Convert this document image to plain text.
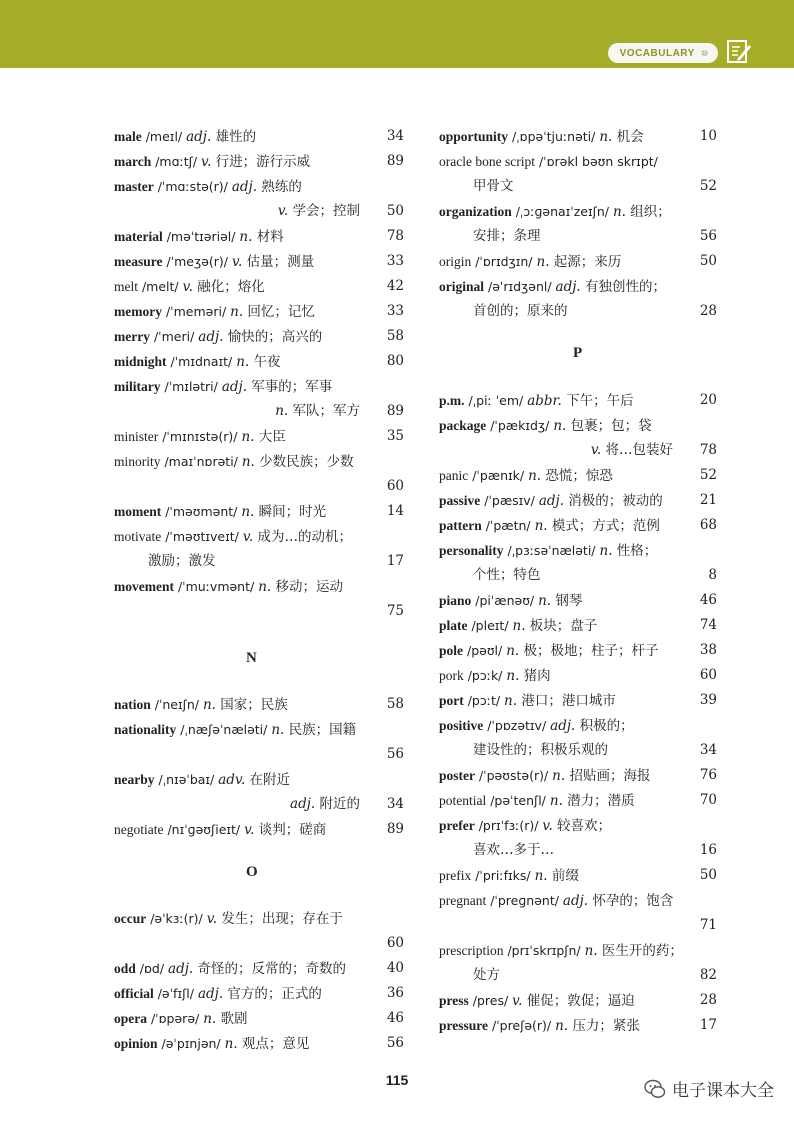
VOCABULARY ⑩
male /meɪl/ adj. 雄性的	34
march /mɑːtʃ/ v. 行进；游行示威	89
master /ˈmɑːstə(r)/ adj. 熟练的
v. 学会；控制 50
material /məˈtɪəriəl/ n. 材料	78
measure /ˈmeʒə(r)/ v. 估量；测量	33
melt /melt/ v. 融化；熔化	42
memory /ˈmeməri/ n. 回忆；记忆	33
merry /ˈmeri/ adj. 愉快的；高兴的	58
midnight /ˈmɪdnaɪt/ n. 午夜	80
military /ˈmɪlətri/ adj. 军事的；军事
n. 军队；军方 89
minister /ˈmɪnɪstə(r)/ n. 大臣	35
minority /maɪˈnɒrəti/ n. 少数民族；少数
60
moment /ˈməʊmənt/ n. 瞬间；时光	14
motivate /ˈməʊtɪveɪt/ v. 成为…的动机；
激励；激发	17
movement /ˈmuːvmənt/ n. 移动；运动
75
N
nation /ˈneɪʃn/ n. 国家；民族	58
nationality /ˌnæʃəˈnæləti/ n. 民族；国籍
56
nearby /ˌnɪəˈbaɪ/ adv. 在附近
adj. 附近的 34
negotiate /nɪˈɡəʊʃieɪt/ v. 谈判；磋商	89
O
occur /əˈkɜː(r)/ v. 发生；出现；存在于
60
odd /ɒd/ adj. 奇怪的；反常的；奇数的	40
official /əˈfɪʃl/ adj. 官方的；正式的	36
opera /ˈɒpərə/ n. 歌剧	46
opinion /əˈpɪnjən/ n. 观点；意见	56
opportunity /ˌɒpəˈtjuːnəti/ n. 机会	10
oracle bone script /ˈɒrəkl bəʊn skrɪpt/
甲骨文	52
organization /ˌɔːɡənaɪˈzeɪʃn/ n. 组织；
安排；条理	56
origin /ˈɒrɪdʒɪn/ n. 起源；来历	50
original /əˈrɪdʒənl/ adj. 有独创性的；
首创的；原来的	28
P
p.m. /ˌpiː ˈem/ abbr. 下午；午后	20
package /ˈpækɪdʒ/ n. 包裹；包；袋
v. 将…包装好 78
panic /ˈpænɪk/ n. 恐慌；惊恐	52
passive /ˈpæsɪv/ adj. 消极的；被动的	21
pattern /ˈpætn/ n. 模式；方式；范例	68
personality /ˌpɜːsəˈnæləti/ n. 性格；
个性；特色	8
piano /piˈænəʊ/ n. 钢琴	46
plate /pleɪt/ n. 板块；盘子	74
pole /pəʊl/ n. 极；极地；柱子；杆子	38
pork /pɔːk/ n. 猪肉	60
port /pɔːt/ n. 港口；港口城市	39
positive /ˈpɒzətɪv/ adj. 积极的；
建设性的；积极乐观的	34
poster /ˈpəʊstə(r)/ n. 招贴画；海报	76
potential /pəˈtenʃl/ n. 潜力；潜质	70
prefer /prɪˈfɜː(r)/ v. 较喜欢；
喜欢…多于…	16
prefix /ˈpriːfɪks/ n. 前缀	50
pregnant /ˈpreɡnənt/ adj. 怀孕的；饱含
71
prescription /prɪˈskrɪpʃn/ n. 医生开的药；
处方	82
press /pres/ v. 催促；敦促；逼迫	28
pressure /ˈpreʃə(r)/ n. 压力；紧张	17
115
电子课本大全
